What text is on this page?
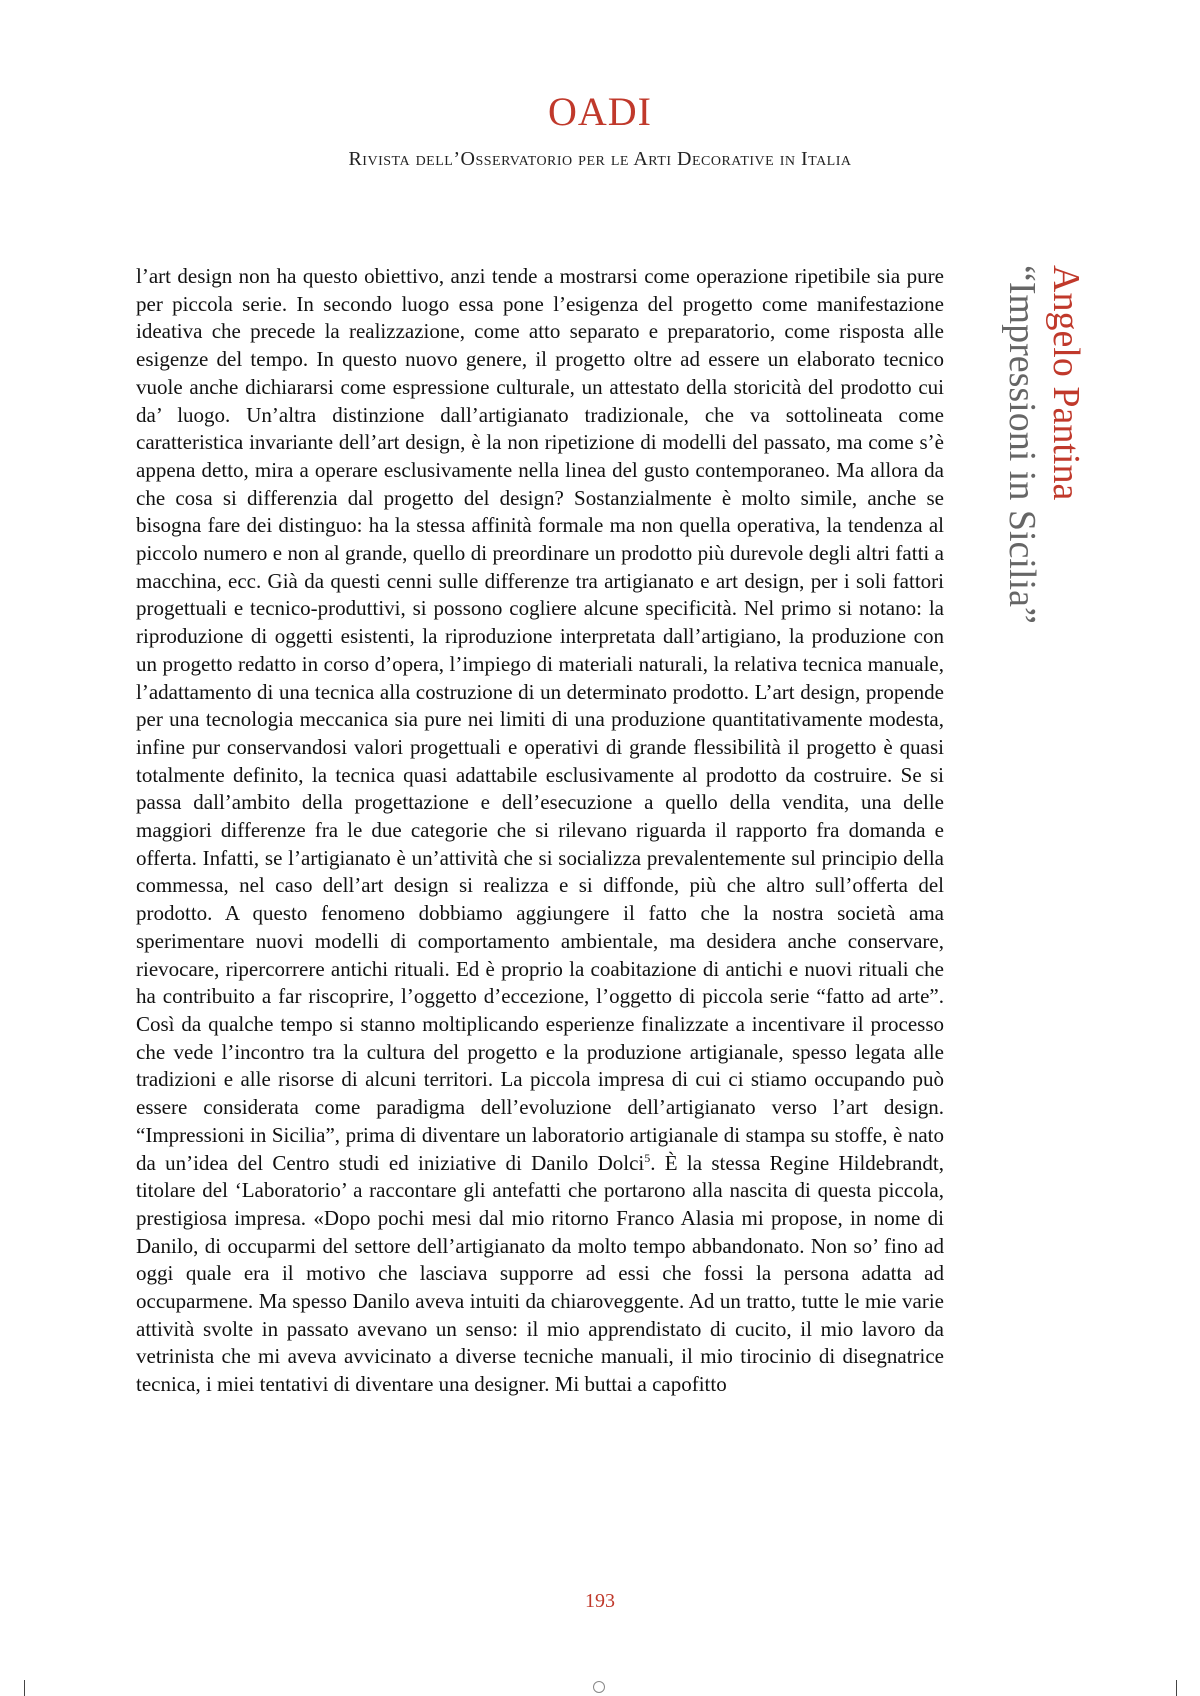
OADI
Rivista dell’Osservatorio per le Arti Decorative in Italia
Angelo Pantina
“Impressioni in Sicilia”

l’art design non ha questo obiettivo, anzi tende a mostrarsi come operazione ripetibile sia pure per piccola serie. In secondo luogo essa pone l’esigenza del progetto come manifestazione ideativa che precede la realizzazione, come atto separato e preparatorio, come risposta alle esigenze del tempo. In questo nuovo genere, il progetto oltre ad essere un elaborato tecnico vuole anche dichiararsi come espressione culturale, un attestato della storicità del prodotto cui da’ luogo. Un’altra distinzione dall’artigianato tradizionale, che va sottolineata come caratteristica invariante dell’art design, è la non ripetizione di modelli del passato, ma come s’è appena detto, mira a operare esclusivamente nella linea del gusto contemporaneo. Ma allora da che cosa si differenzia dal progetto del design? Sostanzialmente è molto simile, anche se bisogna fare dei distinguo: ha la stessa affinità formale ma non quella operativa, la tendenza al piccolo numero e non al grande, quello di preordinare un prodotto più durevole degli altri fatti a macchina, ecc. Già da questi cenni sulle differenze tra artigianato e art design, per i soli fattori progettuali e tecnico-produttivi, si possono cogliere alcune specificità. Nel primo si notano: la riproduzione di oggetti esistenti, la riproduzione interpretata dall’artigiano, la produzione con un progetto redatto in corso d’opera, l’impiego di materiali naturali, la relativa tecnica manuale, l’adattamento di una tecnica alla costruzione di un determinato prodotto. L’art design, propende per una tecnologia meccanica sia pure nei limiti di una produzione quantitativamente modesta, infine pur conservandosi valori progettuali e operativi di grande flessibilità il progetto è quasi totalmente definito, la tecnica quasi adattabile esclusivamente al prodotto da costruire. Se si passa dall’ambito della progettazione e dell’esecuzione a quello della vendita, una delle maggiori differenze fra le due categorie che si rilevano riguarda il rapporto fra domanda e offerta. Infatti, se l’artigianato è un’attività che si socializza prevalentemente sul principio della commessa, nel caso dell’art design si realizza e si diffonde, più che altro sull’offerta del prodotto. A questo fenomeno dobbiamo aggiungere il fatto che la nostra società ama sperimentare nuovi modelli di comportamento ambientale, ma desidera anche conservare, rievocare, ripercorrere antichi rituali. Ed è proprio la coabitazione di antichi e nuovi rituali che ha contribuito a far riscoprire, l’oggetto d’eccezione, l’oggetto di piccola serie “fatto ad arte”. Così da qualche tempo si stanno moltiplicando esperienze finalizzate a incentivare il processo che vede l’incontro tra la cultura del progetto e la produzione artigianale, spesso legata alle tradizioni e alle risorse di alcuni territori. La piccola impresa di cui ci stiamo occupando può essere considerata come paradigma dell’evoluzione dell’artigianato verso l’art design. “Impressioni in Sicilia”, prima di diventare un laboratorio artigianale di stampa su stoffe, è nato da un’idea del Centro studi ed iniziative di Danilo Dolci$^5$. È la stessa Regine Hildebrandt, titolare del ‘Laboratorio’ a raccontare gli antefatti che portarono alla nascita di questa piccola, prestigiosa impresa. «Dopo pochi mesi dal mio ritorno Franco Alasia mi propose, in nome di Danilo, di occuparmi del settore dell’artigianato da molto tempo abbandonato. Non so’ fino ad oggi quale era il motivo che lasciava supporre ad essi che fossi la persona adatta ad occuparmene. Ma spesso Danilo aveva intuiti da chiaroveggente. Ad un tratto, tutte le mie varie attività svolte in passato avevano un senso: il mio apprendistato di cucito, il mio lavoro da vetrinista che mi aveva avvicinato a diverse tecniche manuali, il mio tirocinio di disegnatrice tecnica, i miei tentativi di diventare una designer. Mi buttai a capofitto

193
